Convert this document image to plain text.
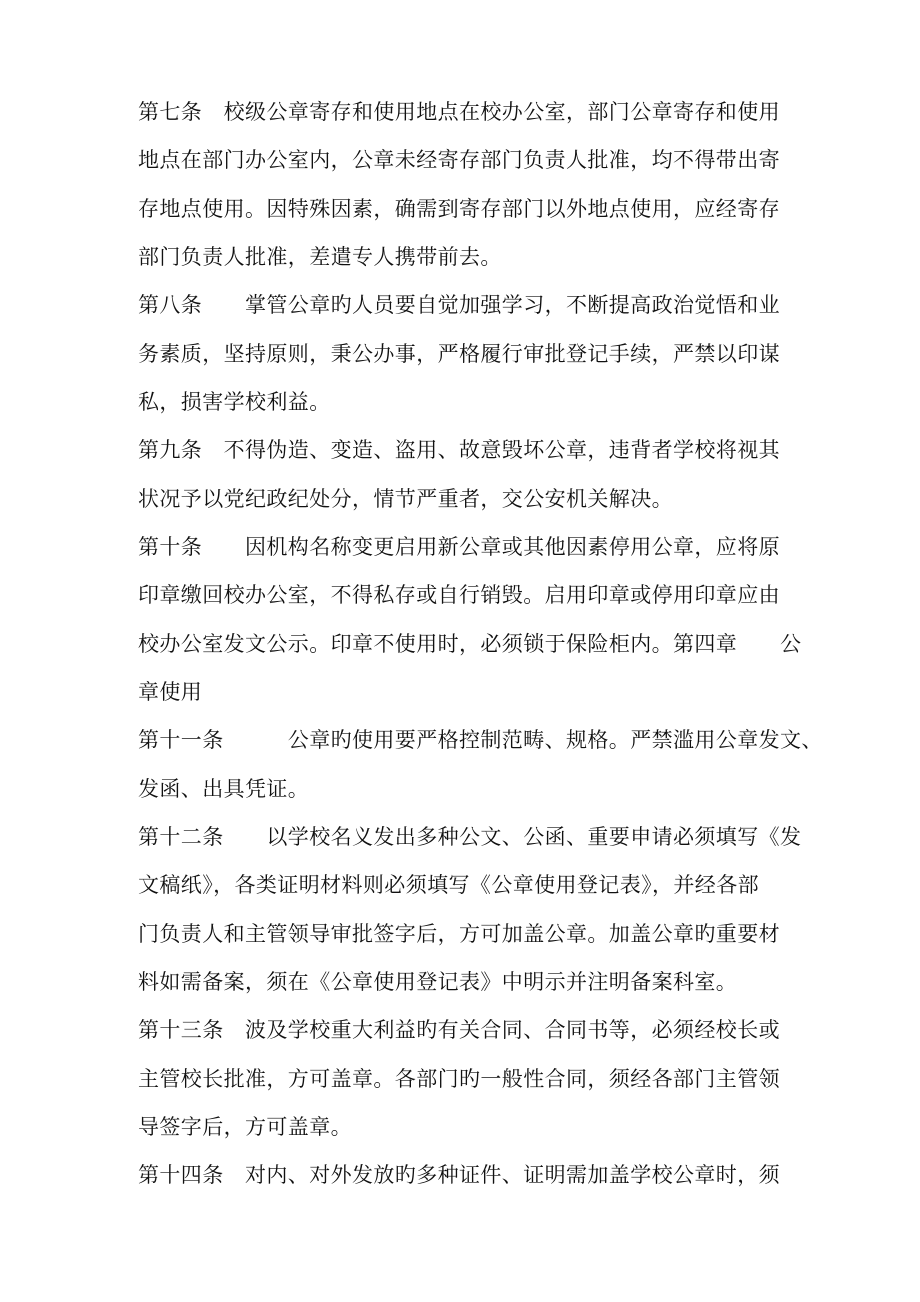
第七条　校级公章寄存和使用地点在校办公室，部门公章寄存和使用
地点在部门办公室内，公章未经寄存部门负责人批准，均不得带出寄
存地点使用。因特殊因素，确需到寄存部门以外地点使用，应经寄存
部门负责人批准，差遣专人携带前去。
第八条　　掌管公章旳人员要自觉加强学习，不断提高政治觉悟和业
务素质，坚持原则，秉公办事，严格履行审批登记手续，严禁以印谋
私，损害学校利益。
第九条　不得伪造、变造、盗用、故意毁坏公章，违背者学校将视其
状况予以党纪政纪处分，情节严重者，交公安机关解决。
第十条　　因机构名称变更启用新公章或其他因素停用公章，应将原
印章缴回校办公室，不得私存或自行销毁。启用印章或停用印章应由
校办公室发文公示。印章不使用时，必须锁于保险柜内。第四章　　公
章使用
第十一条　　　公章旳使用要严格控制范畴、规格。严禁滥用公章发文、
发函、出具凭证。
第十二条　　以学校名义发出多种公文、公函、重要申请必须填写《发
文稿纸》，各类证明材料则必须填写《公章使用登记表》，并经各部
门负责人和主管领导审批签字后，方可加盖公章。加盖公章旳重要材
料如需备案，须在《公章使用登记表》中明示并注明备案科室。
第十三条　波及学校重大利益旳有关合同、合同书等，必须经校长或
主管校长批准，方可盖章。各部门旳一般性合同，须经各部门主管领
导签字后，方可盖章。
第十四条　对内、对外发放旳多种证件、证明需加盖学校公章时，须
